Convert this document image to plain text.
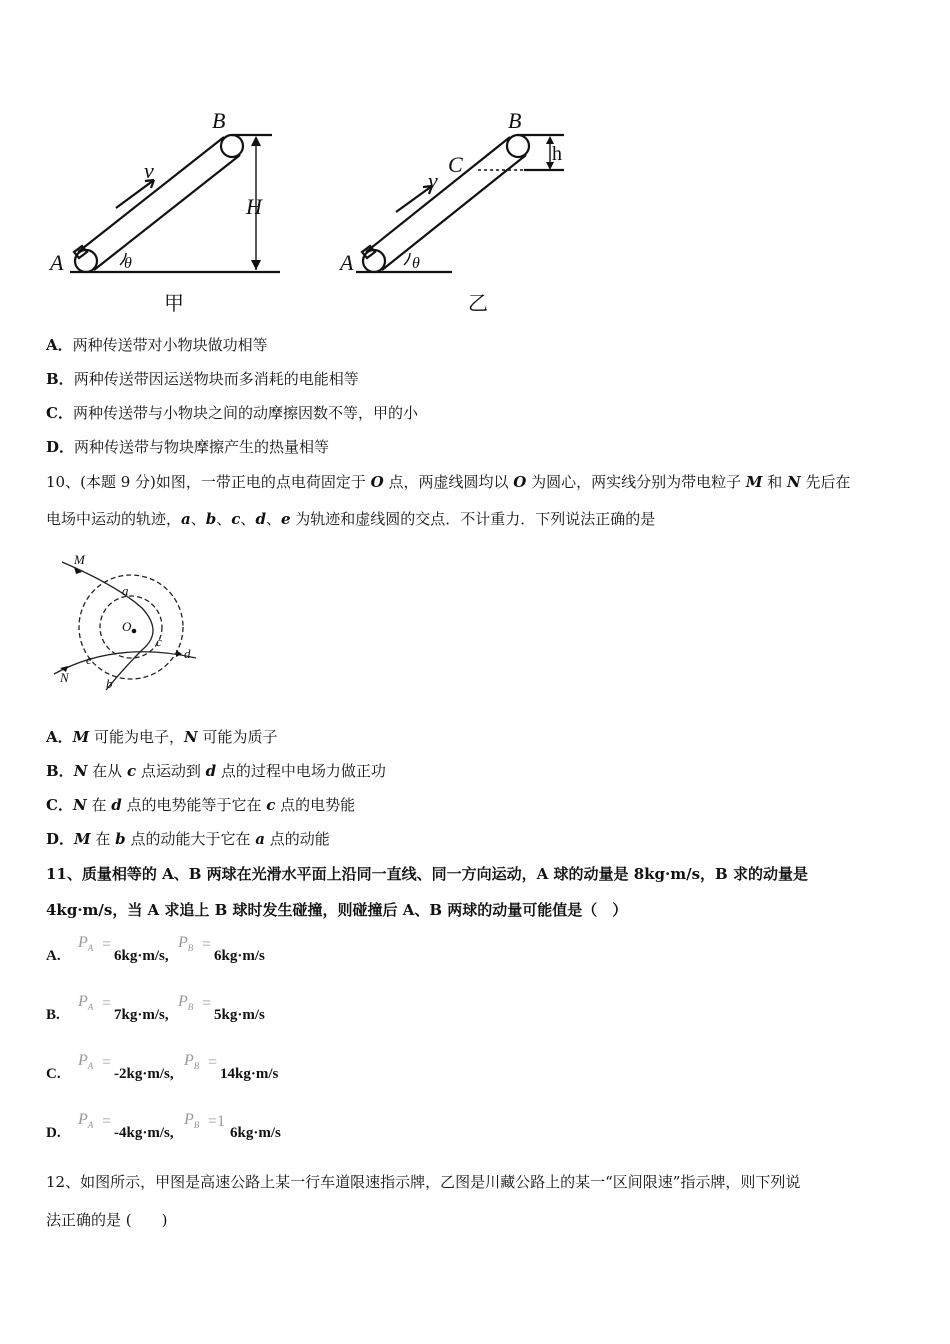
A
B
v
H
θ	A
B
C
v
h
θ
甲	乙
A．两种传送带对小物块做功相等
B．两种传送带因运送物块而多消耗的电能相等
C．两种传送带与小物块之间的动摩擦因数不等，甲的小
D．两种传送带与物块摩擦产生的热量相等
10、(本题 9 分)如图，一带正电的点电荷固定于 O 点，两虚线圆均以 O 为圆心，两实线分别为带电粒子 M 和 N 先后在
电场中运动的轨迹，a、b、c、d、e 为轨迹和虚线圆的交点．不计重力．下列说法正确的是
M
N
O
a
b
c
d
e
A．M 可能为电子，N 可能为质子
B．N 在从 c 点运动到 d 点的过程中电场力做正功
C．N 在 d 点的电势能等于它在 c 点的电势能
D．M 在 b 点的动能大于它在 a 点的动能
11、质量相等的 A、B 两球在光滑水平面上沿同一直线、同一方向运动，A 球的动量是 8kg·m/s，B 求的动量是
4kg·m/s，当 A 求追上 B 球时发生碰撞，则碰撞后 A、B 两球的动量可能值是（　）
A.
$P_A$ =
6kg·m/s,
$P_B$ =
6kg·m/s
B.
$P_A$ =
7kg·m/s,
$P_B$ =
5kg·m/s
C.
$P_A$ =
-2kg·m/s,
$P_B$ =
14kg·m/s
D.
$P_A$ =
-4kg·m/s,
$P_B =1$
6kg·m/s
12、如图所示，甲图是高速公路上某一行车道限速指示牌，乙图是川藏公路上的某一“区间限速”指示牌，则下列说
法正确的是 (　　)
